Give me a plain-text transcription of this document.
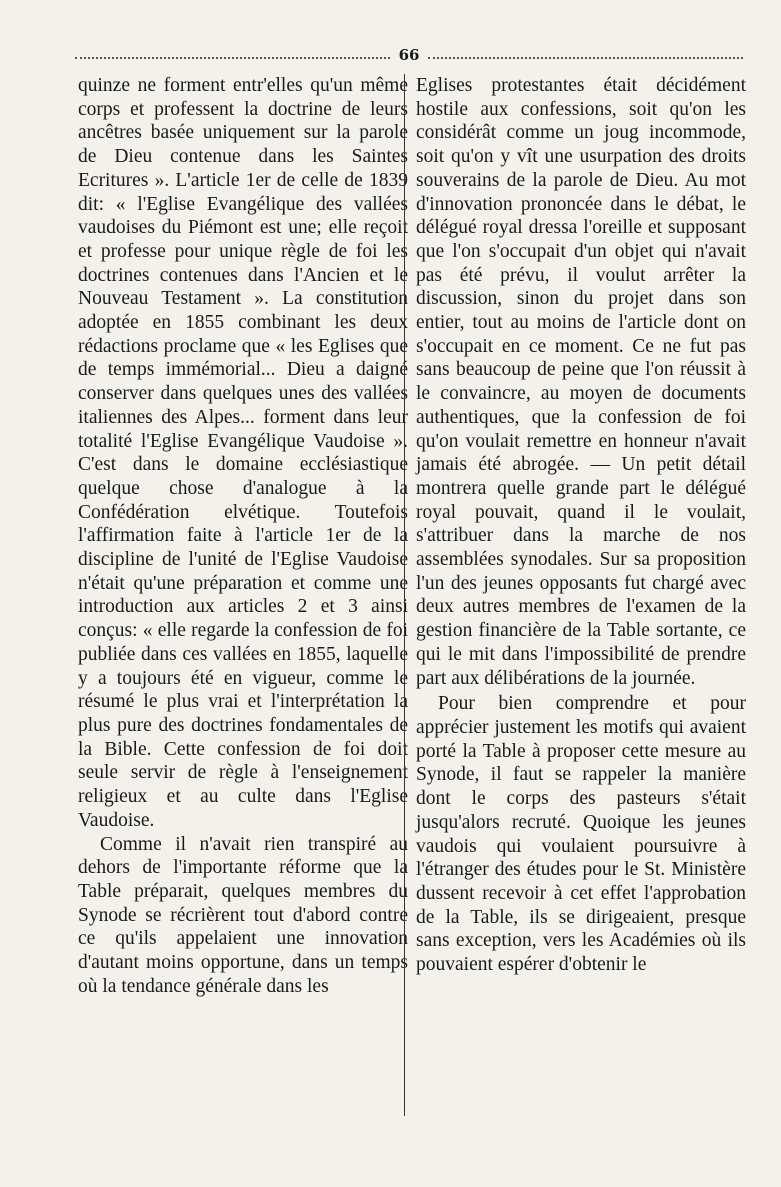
66

quinze ne forment entr'elles qu'un même corps et professent la doctrine de leurs ancêtres basée uniquement sur la parole de Dieu contenue dans les Saintes Ecritures ». L'article 1er de celle de 1839 dit: « l'Eglise Evangélique des vallées vaudoises du Piémont est une; elle reçoit et professe pour unique règle de foi les doctrines contenues dans l'Ancien et le Nouveau Testament ». La constitution adoptée en 1855 combinant les deux rédactions proclame que « les Eglises que de temps immémorial... Dieu a daigné conserver dans quelques unes des vallées italiennes des Alpes... forment dans leur totalité l'Eglise Evangélique Vaudoise ». C'est dans le domaine ecclésiastique quelque chose d'analogue à la Confédération elvétique. Toutefois l'affirmation faite à l'article 1er de la discipline de l'unité de l'Eglise Vaudoise n'était qu'une préparation et comme une introduction aux articles 2 et 3 ainsi conçus: « elle regarde la confession de foi publiée dans ces vallées en 1855, laquelle y a toujours été en vigueur, comme le résumé le plus vrai et l'interprétation la plus pure des doctrines fondamentales de la Bible. Cette confession de foi doit seule servir de règle à l'enseignement religieux et au culte dans l'Eglise Vaudoise.

Comme il n'avait rien transpiré au dehors de l'importante réforme que la Table préparait, quelques membres du Synode se récrièrent tout d'abord contre ce qu'ils appelaient une innovation d'autant moins opportune, dans un temps où la tendance générale dans les

Eglises protestantes était décidément hostile aux confessions, soit qu'on les considérât comme un joug incommode, soit qu'on y vît une usurpation des droits souverains de la parole de Dieu. Au mot d'innovation prononcée dans le débat, le délégué royal dressa l'oreille et supposant que l'on s'occupait d'un objet qui n'avait pas été prévu, il voulut arrêter la discussion, sinon du projet dans son entier, tout au moins de l'article dont on s'occupait en ce moment. Ce ne fut pas sans beaucoup de peine que l'on réussit à le convaincre, au moyen de documents authentiques, que la confession de foi qu'on voulait remettre en honneur n'avait jamais été abrogée. — Un petit détail montrera quelle grande part le délégué royal pouvait, quand il le voulait, s'attribuer dans la marche de nos assemblées synodales. Sur sa proposition l'un des jeunes opposants fut chargé avec deux autres membres de l'examen de la gestion financière de la Table sortante, ce qui le mit dans l'impossibilité de prendre part aux délibérations de la journée.

Pour bien comprendre et pour apprécier justement les motifs qui avaient porté la Table à proposer cette mesure au Synode, il faut se rappeler la manière dont le corps des pasteurs s'était jusqu'alors recruté. Quoique les jeunes vaudois qui voulaient poursuivre à l'étranger des études pour le St. Ministère dussent recevoir à cet effet l'approbation de la Table, ils se dirigeaient, presque sans exception, vers les Académies où ils pouvaient espérer d'obtenir le
